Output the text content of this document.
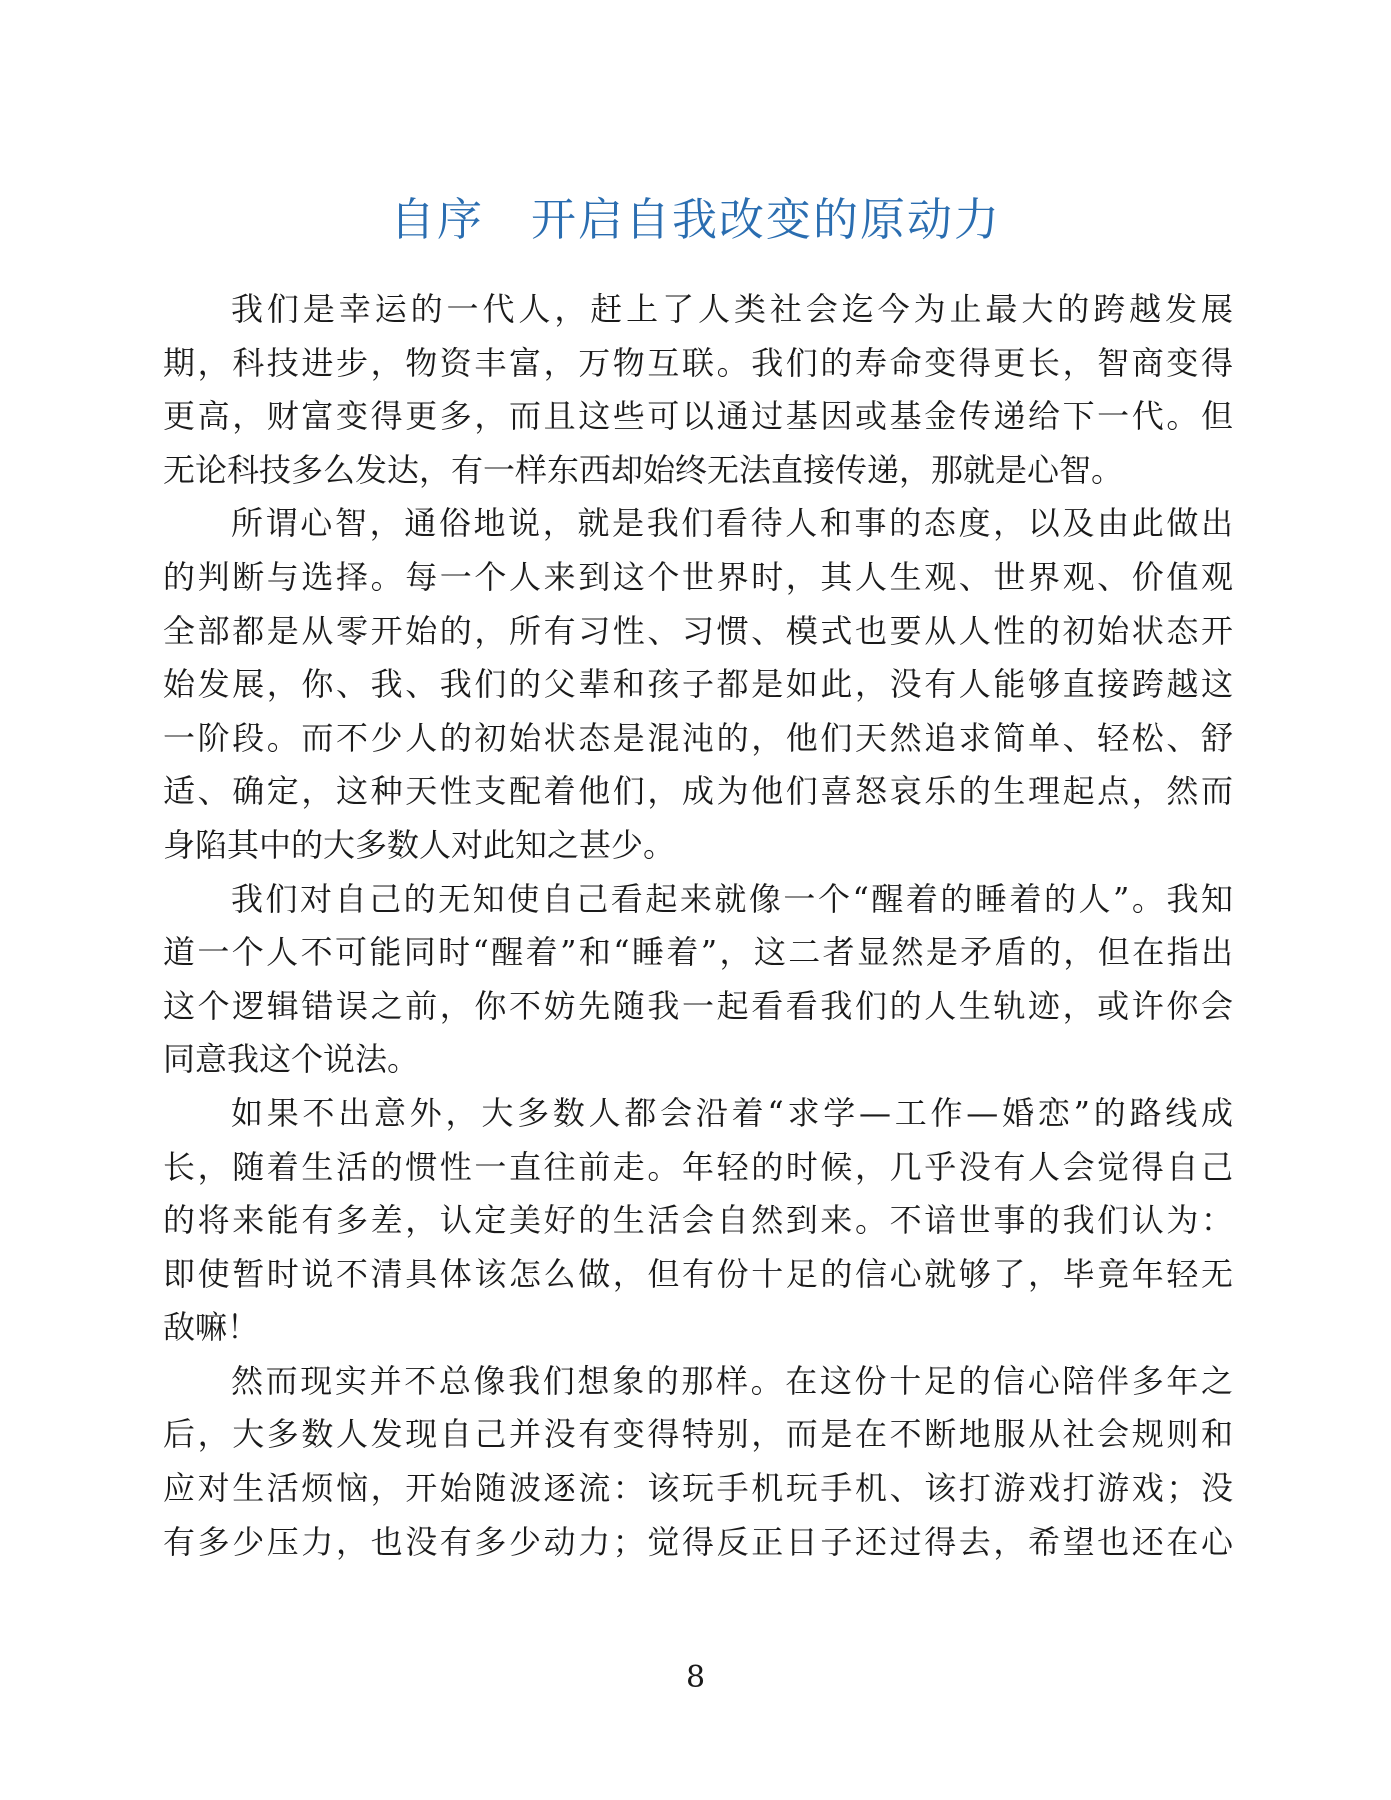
自序　开启自我改变的原动力
我们是幸运的一代人，赶上了人类社会迄今为止最大的跨越发展
期，科技进步，物资丰富，万物互联。我们的寿命变得更长，智商变得
更高，财富变得更多，而且这些可以通过基因或基金传递给下一代。但
无论科技多么发达，有一样东西却始终无法直接传递，那就是心智。
所谓心智，通俗地说，就是我们看待人和事的态度，以及由此做出
的判断与选择。每一个人来到这个世界时，其人生观、世界观、价值观
全部都是从零开始的，所有习性、习惯、模式也要从人性的初始状态开
始发展，你、我、我们的父辈和孩子都是如此，没有人能够直接跨越这
一阶段。而不少人的初始状态是混沌的，他们天然追求简单、轻松、舒
适、确定，这种天性支配着他们，成为他们喜怒哀乐的生理起点，然而
身陷其中的大多数人对此知之甚少。
我们对自己的无知使自己看起来就像一个“醒着的睡着的人”。我知
道一个人不可能同时“醒着”和“睡着”，这二者显然是矛盾的，但在指出
这个逻辑错误之前，你不妨先随我一起看看我们的人生轨迹，或许你会
同意我这个说法。
如果不出意外，大多数人都会沿着“求学—工作—婚恋”的路线成
长，随着生活的惯性一直往前走。年轻的时候，几乎没有人会觉得自己
的将来能有多差，认定美好的生活会自然到来。不谙世事的我们认为：
即使暂时说不清具体该怎么做，但有份十足的信心就够了，毕竟年轻无
敌嘛！
然而现实并不总像我们想象的那样。在这份十足的信心陪伴多年之
后，大多数人发现自己并没有变得特别，而是在不断地服从社会规则和
应对生活烦恼，开始随波逐流：该玩手机玩手机、该打游戏打游戏；没
有多少压力，也没有多少动力；觉得反正日子还过得去，希望也还在心
8
